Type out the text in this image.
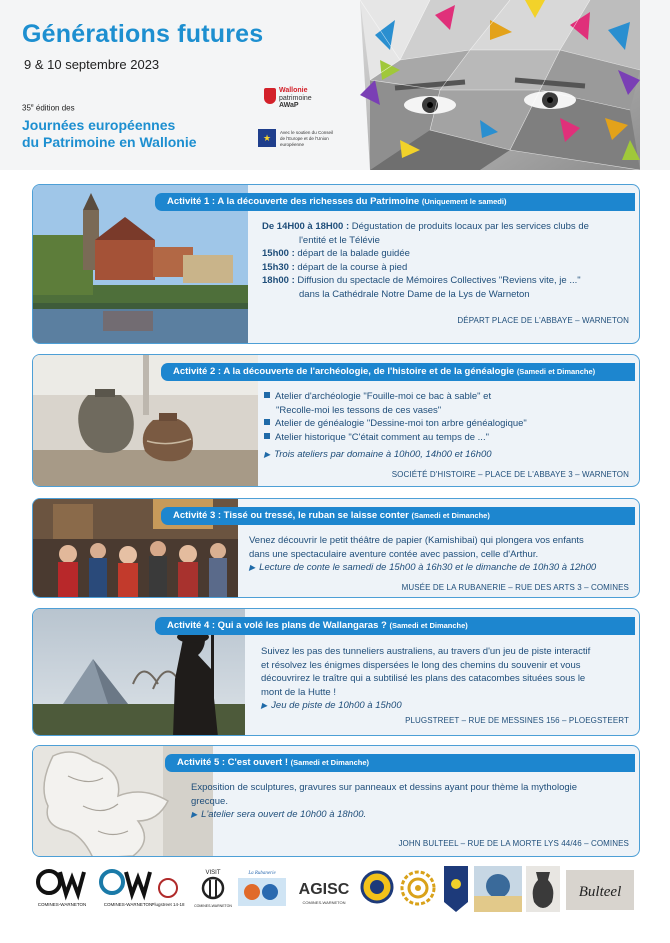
Générations futures
9 & 10 septembre 2023
35e édition des
Journées européennes
du Patrimoine en Wallonie
Wallonie
patrimoine
AWaP
★
Avec le soutien du Conseil de l'Europe et de l'Union européenne
Activité 1 : A la découverte des richesses du Patrimoine (Uniquement le samedi)
De 14H00 à 18H00 : Dégustation de produits locaux par les services clubs de
l'entité et le Télévie
15h00 : départ de la balade guidée
15h30 : départ de la course à pied
18h00 : Diffusion du spectacle de Mémoires Collectives "Reviens vite, je ..."
dans la Cathédrale Notre Dame de la Lys de Warneton
DÉPART PLACE DE L'ABBAYE – WARNETON
Activité 2 : A la découverte de l'archéologie, de l'histoire et de la généalogie (Samedi et Dimanche)
Atelier d'archéologie "Fouille-moi ce bac à sable" et
"Recolle-moi les tessons de ces vases"
Atelier de généalogie "Dessine-moi ton arbre généalogique"
Atelier historique "C'était comment au temps de ..."
▶ Trois ateliers par domaine à 10h00, 14h00 et 16h00
SOCIÉTÉ D'HISTOIRE – PLACE DE L'ABBAYE 3 – WARNETON
Activité 3 : Tissé ou tressé, le ruban se laisse conter (Samedi et Dimanche)
Venez découvrir le petit théâtre de papier (Kamishibai) qui plongera vos enfants
dans une spectaculaire aventure contée avec passion, celle d'Arthur.
▶ Lecture de conte le samedi de 15h00 à 16h30 et le dimanche de 10h30 à 12h00
MUSÉE DE LA RUBANERIE – RUE DES ARTS 3 – COMINES
Activité 4 : Qui a volé les plans de Wallangaras ? (Samedi et Dimanche)
Suivez les pas des tunneliers australiens, au travers d'un jeu de piste interactif
et résolvez les énigmes dispersées le long des chemins du souvenir et vous
découvrirez le traître qui a subtilisé les plans des catacombes situées sous le
mont de la Hutte !
▶ Jeu de piste de 10h00 à 15h00
PLUGSTREET – RUE DE MESSINES 156 – PLOEGSTEERT
Activité 5 : C'est ouvert ! (Samedi et Dimanche)
Exposition de sculptures, gravures sur panneaux et dessins ayant pour thème la mythologie
grecque.
▶ L'atelier sera ouvert de 10h00 à 18h00.
JOHN BULTEEL – RUE DE LA MORTE LYS 44/46 – COMINES
COMINES-WARNETON	COMINES-WARNETON Plugstreet 14-18
VISIT
COMINES-WARNETON
La Rubanerie
AGISC
COMINES-WARNETON
Bulteel
